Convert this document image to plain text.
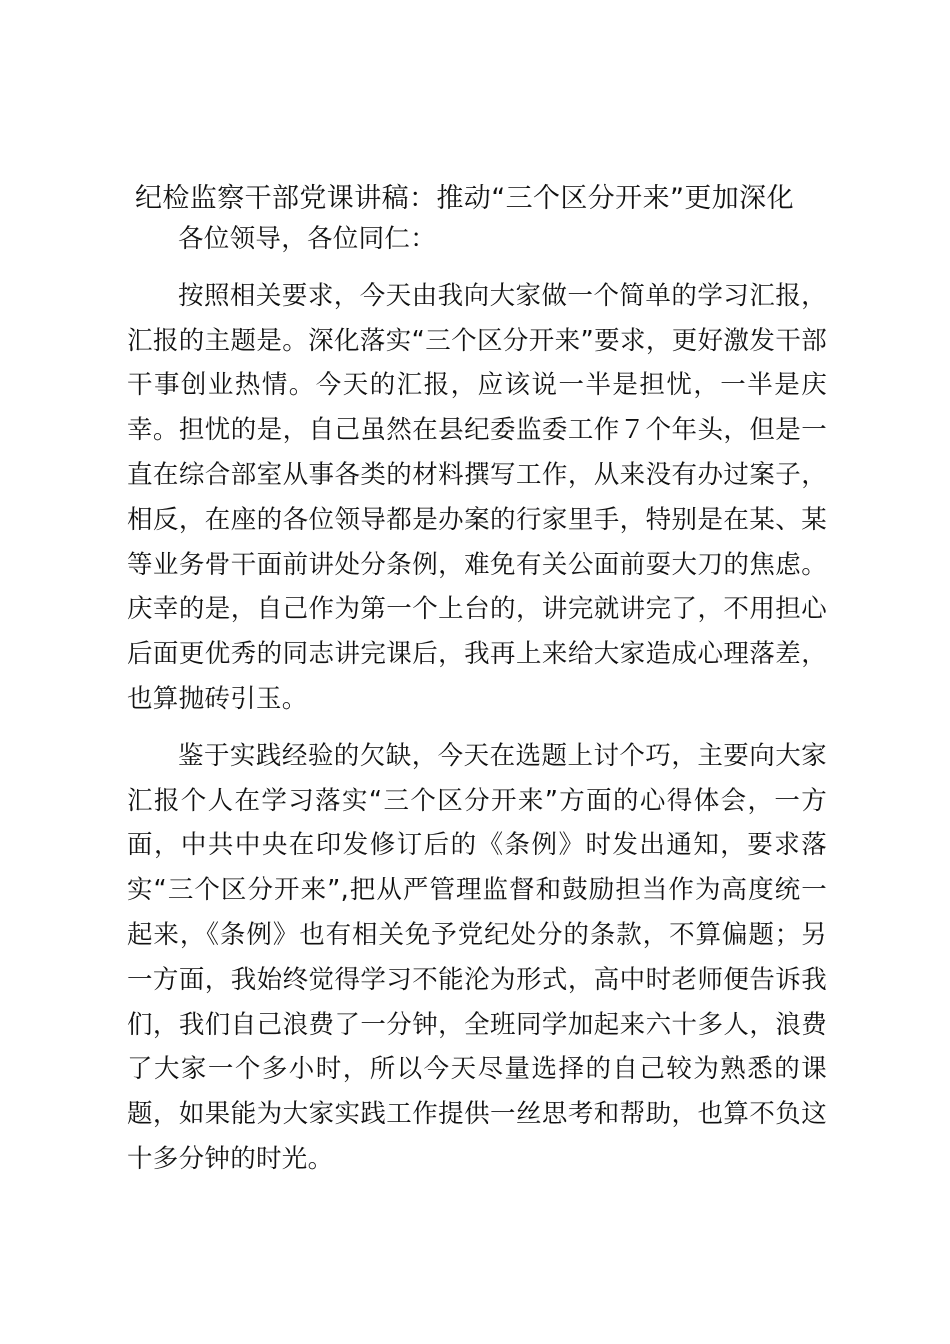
纪检监察干部党课讲稿：推动“三个区分开来”更加深化

各位领导，各位同仁：

按照相关要求，今天由我向大家做一个简单的学习汇报，汇报的主题是。深化落实“三个区分开来”要求，更好激发干部干事创业热情。今天的汇报，应该说一半是担忧，一半是庆幸。担忧的是，自己虽然在县纪委监委工作７个年头，但是一直在综合部室从事各类的材料撰写工作，从来没有办过案子，相反，在座的各位领导都是办案的行家里手，特别是在某、某等业务骨干面前讲处分条例，难免有关公面前耍大刀的焦虑。庆幸的是，自己作为第一个上台的，讲完就讲完了，不用担心后面更优秀的同志讲完课后，我再上来给大家造成心理落差，也算抛砖引玉。

鉴于实践经验的欠缺，今天在选题上讨个巧，主要向大家汇报个人在学习落实“三个区分开来”方面的心得体会，一方面，中共中央在印发修订后的《条例》时发出通知，要求落实“三个区分开来”,把从严管理监督和鼓励担当作为高度统一起来，《条例》也有相关免予党纪处分的条款，不算偏题；另一方面，我始终觉得学习不能沦为形式，高中时老师便告诉我们，我们自己浪费了一分钟，全班同学加起来六十多人，浪费了大家一个多小时，所以今天尽量选择的自己较为熟悉的课题，如果能为大家实践工作提供一丝思考和帮助，也算不负这十多分钟的时光。
